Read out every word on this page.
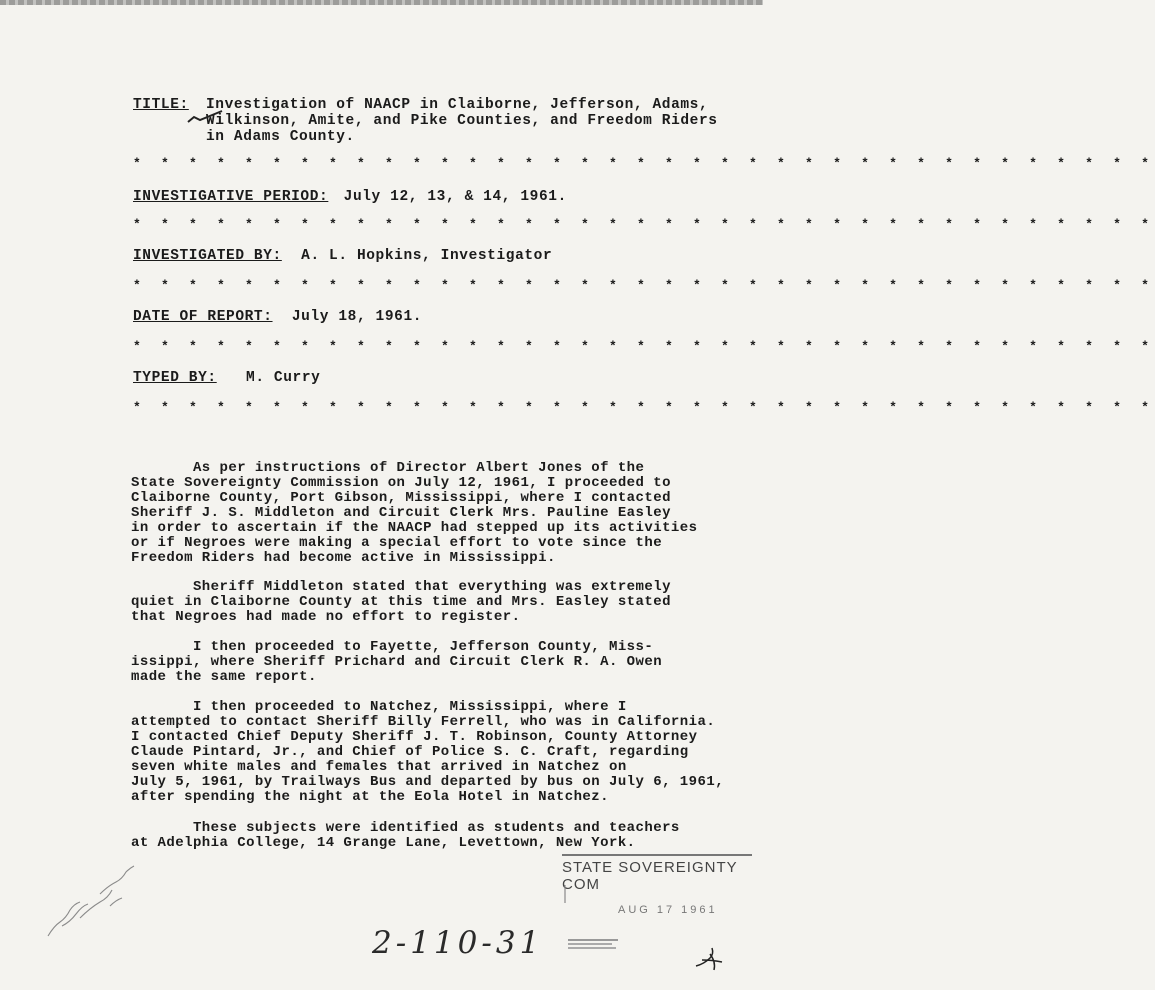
TITLE: Investigation of NAACP in Claiborne, Jefferson, Adams,
Wilkinson, Amite, and Pike Counties, and Freedom Riders
in Adams County.
* * * * * * * * * * * * * * * * * * * * * * * * * * * * * * * * * * * * *
INVESTIGATIVE PERIOD: July 12, 13, & 14, 1961.
* * * * * * * * * * * * * * * * * * * * * * * * * * * * * * * * * * * * *
INVESTIGATED BY: A. L. Hopkins, Investigator
* * * * * * * * * * * * * * * * * * * * * * * * * * * * * * * * * * * * *
DATE OF REPORT: July 18, 1961.
* * * * * * * * * * * * * * * * * * * * * * * * * * * * * * * * * * * * *
TYPED BY: M. Curry
* * * * * * * * * * * * * * * * * * * * * * * * * * * * * * * * * * * * *
As per instructions of Director Albert Jones of the
State Sovereignty Commission on July 12, 1961, I proceeded to
Claiborne County, Port Gibson, Mississippi, where I contacted
Sheriff J. S. Middleton and Circuit Clerk Mrs. Pauline Easley
in order to ascertain if the NAACP had stepped up its activities
or if Negroes were making a special effort to vote since the
Freedom Riders had become active in Mississippi.
Sheriff Middleton stated that everything was extremely
quiet in Claiborne County at this time and Mrs. Easley stated
that Negroes had made no effort to register.
I then proceeded to Fayette, Jefferson County, Miss-
issippi, where Sheriff Prichard and Circuit Clerk R. A. Owen
made the same report.
I then proceeded to Natchez, Mississippi, where I
attempted to contact Sheriff Billy Ferrell, who was in California.
I contacted Chief Deputy Sheriff J. T. Robinson, County Attorney
Claude Pintard, Jr., and Chief of Police S. C. Craft, regarding
seven white males and females that arrived in Natchez on
July 5, 1961, by Trailways Bus and departed by bus on July 6, 1961,
after spending the night at the Eola Hotel in Natchez.
These subjects were identified as students and teachers
at Adelphia College, 14 Grange Lane, Levettown, New York.
STATE SOVEREIGNTY COM
AUG 17 1961
2-110-31
